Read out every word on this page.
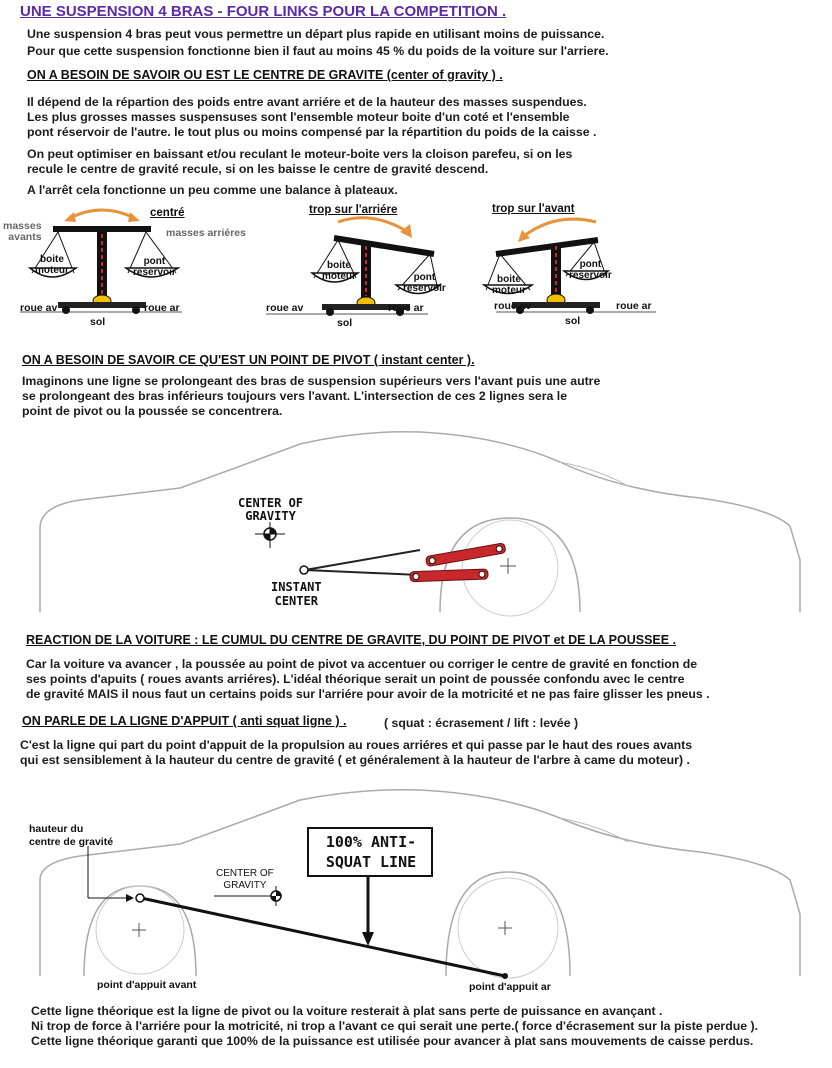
UNE SUSPENSION 4 BRAS - FOUR LINKS POUR LA COMPETITION .
Une suspension 4 bras peut vous permettre un départ plus rapide en utilisant moins de puissance.
Pour que cette suspension fonctionne bien il faut au moins 45 % du poids de la voiture sur l'arriere.
ON A BESOIN DE SAVOIR OU EST LE CENTRE DE GRAVITE (center of gravity ) .
Il dépend de la répartion des poids entre avant arriére et de la hauteur des masses suspendues.
Les plus grosses masses suspensuses sont l'ensemble moteur boite d'un coté et l'ensemble
pont réservoir de l'autre. le tout plus ou moins compensé par la répartition du poids de la caisse .
On peut optimiser en baissant et/ou reculant le moteur-boite vers la cloison parefeu, si on les
recule le centre de gravité recule, si on les baisse le centre de gravité descend.
A l'arrêt cela fonctionne un peu comme une balance à plateaux.
masses
avants	masses arriéres
centré	trop sur l'arriére	trop sur l'avant
boite
moteur
pont
reservoir
roue av	roue ar
sol
boite
moteur	pont
reservoir
roue av	roue ar
sol
boite
moteur
pont
reservoir
roue av	roue ar
sol
ON A BESOIN DE SAVOIR CE QU'EST UN POINT DE PIVOT ( instant center ).
Imaginons une ligne se prolongeant des bras de suspension supérieurs vers l'avant puis une autre
se prolongeant des bras inférieurs toujours vers l'avant. L'intersection de ces 2 lignes sera le
point de pivot ou la poussée se concentrera.
CENTER OF
GRAVITY
INSTANT
CENTER
REACTION DE LA VOITURE : LE CUMUL DU CENTRE DE GRAVITE, DU POINT DE PIVOT et DE LA POUSSEE .
Car la voiture va avancer , la poussée au point de pivot va accentuer ou corriger le centre de gravité en fonction de
ses points d'apuits ( roues avants arriéres). L'idéal théorique serait un point de poussée confondu avec le centre
de gravité MAIS il nous faut un certains poids sur l'arriére pour avoir de la motricité et ne pas faire glisser les pneus .
ON PARLE DE LA LIGNE D'APPUIT ( anti squat ligne ) .	( squat : écrasement / lift : levée )
C'est la ligne qui part du point d'appuit de la propulsion au roues arriéres et qui passe par le haut des roues avants
qui est sensiblement à la hauteur du centre de gravité ( et généralement à la hauteur de l'arbre à came du moteur) .
hauteur du
centre de gravité	100% ANTI-
SQUAT LINE
CENTER OF
GRAVITY
point d'appuit avant	point d'appuit ar
Cette ligne théorique est la ligne de pivot ou la voiture resterait à plat sans perte de puissance en avançant .
Ni trop de force à l'arriére pour la motricité, ni trop a l'avant ce qui serait une perte.( force d'écrasement sur la piste perdue ).
Cette ligne théorique garanti que 100% de la puissance est utilisée pour avancer à plat sans mouvements de caisse perdus.
